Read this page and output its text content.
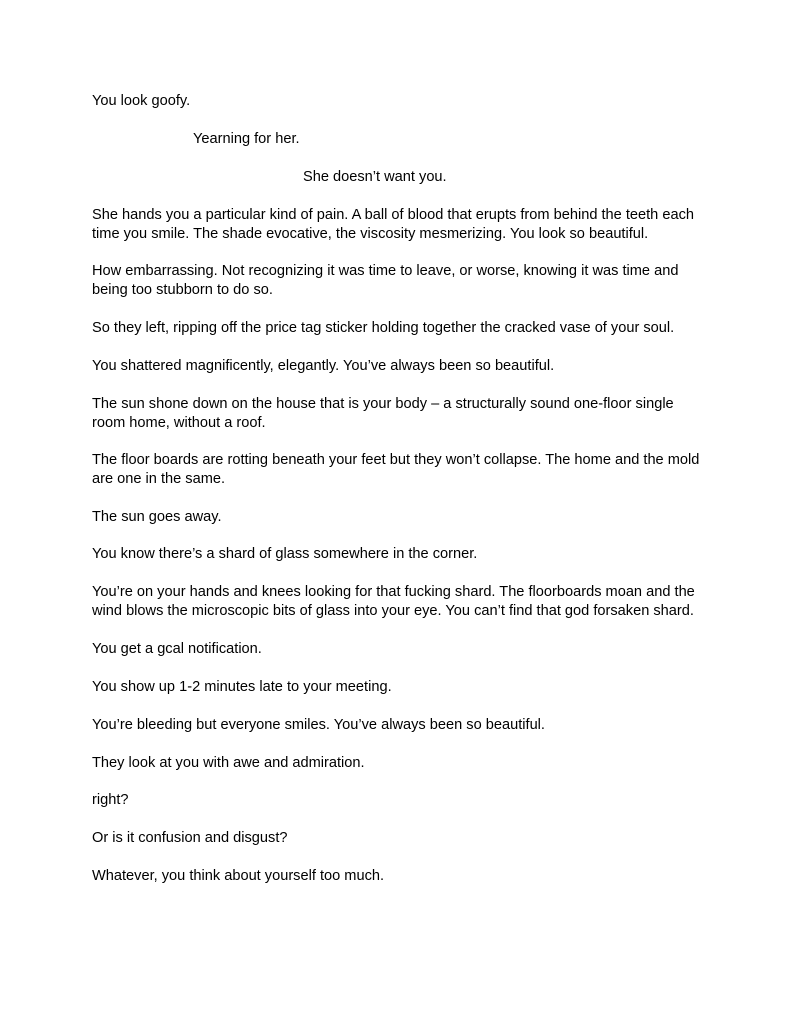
You look goofy.

Yearning for her.

She doesn’t want you.

She hands you a particular kind of pain. A ball of blood that erupts from behind the teeth each time you smile. The shade evocative, the viscosity mesmerizing. You look so beautiful.

How embarrassing. Not recognizing it was time to leave, or worse, knowing it was time and being too stubborn to do so.

So they left, ripping off the price tag sticker holding together the cracked vase of your soul.

You shattered magnificently, elegantly. You’ve always been so beautiful.

The sun shone down on the house that is your body – a structurally sound one-floor single room home, without a roof.

The floor boards are rotting beneath your feet but they won’t collapse. The home and the mold are one in the same.

The sun goes away.

You know there’s a shard of glass somewhere in the corner.

You’re on your hands and knees looking for that fucking shard. The floorboards moan and the wind blows the microscopic bits of glass into your eye. You can’t find that god forsaken shard.

You get a gcal notification.

You show up 1-2 minutes late to your meeting.

You’re bleeding but everyone smiles. You’ve always been so beautiful.

They look at you with awe and admiration.

right?

Or is it confusion and disgust?

Whatever, you think about yourself too much.
